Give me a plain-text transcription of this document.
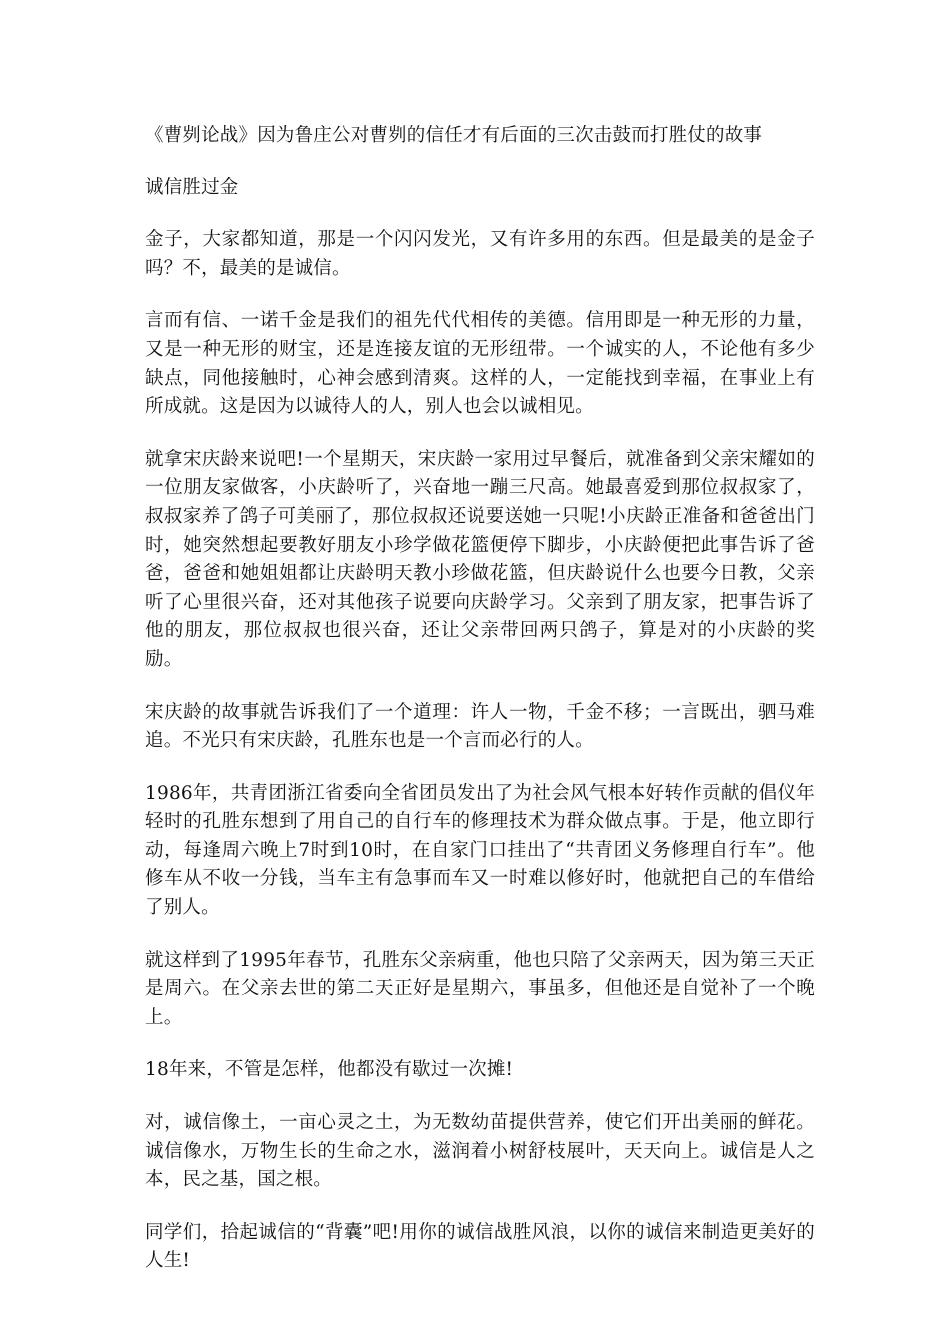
《曹刿论战》因为鲁庄公对曹刿的信任才有后面的三次击鼓而打胜仗的故事

诚信胜过金

金子，大家都知道，那是一个闪闪发光，又有许多用的东西。但是最美的是金子吗？不，最美的是诚信。

言而有信、一诺千金是我们的祖先代代相传的美德。信用即是一种无形的力量，又是一种无形的财宝，还是连接友谊的无形纽带。一个诚实的人，不论他有多少缺点，同他接触时，心神会感到清爽。这样的人，一定能找到幸福，在事业上有所成就。这是因为以诚待人的人，别人也会以诚相见。

就拿宋庆龄来说吧!一个星期天，宋庆龄一家用过早餐后，就准备到父亲宋耀如的一位朋友家做客，小庆龄听了，兴奋地一蹦三尺高。她最喜爱到那位叔叔家了，叔叔家养了鸽子可美丽了，那位叔叔还说要送她一只呢!小庆龄正准备和爸爸出门时，她突然想起要教好朋友小珍学做花篮便停下脚步，小庆龄便把此事告诉了爸爸，爸爸和她姐姐都让庆龄明天教小珍做花篮，但庆龄说什么也要今日教，父亲听了心里很兴奋，还对其他孩子说要向庆龄学习。父亲到了朋友家，把事告诉了他的朋友，那位叔叔也很兴奋，还让父亲带回两只鸽子，算是对的小庆龄的奖励。

宋庆龄的故事就告诉我们了一个道理：许人一物，千金不移；一言既出，驷马难追。不光只有宋庆龄，孔胜东也是一个言而必行的人。

1986年，共青团浙江省委向全省团员发出了为社会风气根本好转作贡献的倡仪年轻时的孔胜东想到了用自己的自行车的修理技术为群众做点事。于是，他立即行动，每逢周六晚上7时到10时，在自家门口挂出了“共青团义务修理自行车”。他修车从不收一分钱，当车主有急事而车又一时难以修好时，他就把自己的车借给了别人。

就这样到了1995年春节，孔胜东父亲病重，他也只陪了父亲两天，因为第三天正是周六。在父亲去世的第二天正好是星期六，事虽多，但他还是自觉补了一个晚上。

18年来，不管是怎样，他都没有歇过一次摊!

对，诚信像土，一亩心灵之土，为无数幼苗提供营养，使它们开出美丽的鲜花。诚信像水，万物生长的生命之水，滋润着小树舒枝展叶，天天向上。诚信是人之本，民之基，国之根。

同学们，拾起诚信的“背囊”吧!用你的诚信战胜风浪，以你的诚信来制造更美好的人生!
